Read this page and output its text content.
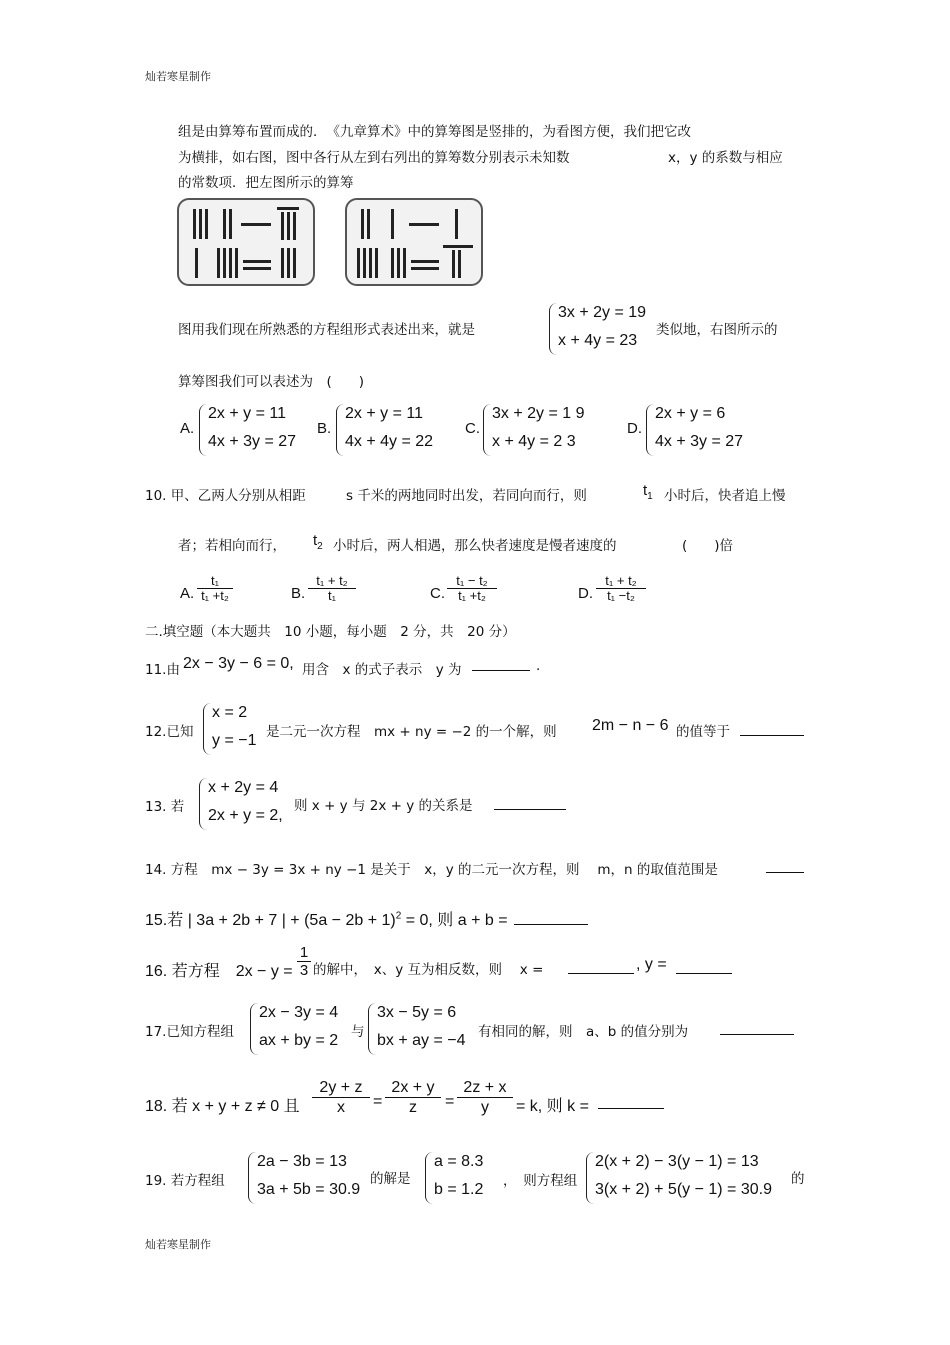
灿若寒星制作
灿若寒星制作
组是由算筹布置而成的．　《九章算术》中的算筹图是竖排的，为看图方便，我们把它改
为横排，如右图，图中各行从左到右列出的算筹数分别表示未知数	x，y 的系数与相应
的常数项．把左图所示的算筹
图用我们现在所熟悉的方程组形式表述出来，就是
3x + 2y = 19
x + 4y = 23
类似地，右图所示的
算筹图我们可以表述为　(　　)
A.
2x + y = 11
4x + 3y = 27
B.
2x + y = 11
4x + 4y = 22
C.
3x + 2y = 1 9
x + 4y = 2 3
D.
2x + y = 6
4x + 3y = 27
10. 甲、乙两人分别从相距	s 千米的两地同时出发，若同向而行，则	$t_1$ 小时后，快者追上慢
者；若相向而行， $t_2$ 小时后，两人相遇，那么快者速度是慢者速度的	(　　)倍
A.
t₁
t₁ +t₂	B.
t₁ + t₂
t₁	C.
t₁ − t₂
t₁ +t₂	D.
t₁ + t₂
t₁ −t₂
二.填空题（本大题共　10 小题，每小题　2 分，共　20 分）
11.由 2x − 3y − 6 = 0, 用含　x 的式子表示　y 为	.
12.已知
x = 2
y = −1 是二元一次方程　mx + ny = −2 的一个解，则 2m − n − 6 的值等于
13. 若
x + 2y = 4
2x + y = 2,
则 x + y 与 2x + y 的关系是
14. 方程　mx − 3y = 3x + ny −1 是关于　x，y 的二元一次方程，则　 m，n 的取值范围是
15.若 | 3a + 2b + 7 | + $(5a - 2b + 1)^2 = 0$, 则 a + b =
16. 若方程　2x − y =
1
3 的解中，　x、y 互为相反数，则　 x =	, y =
17.已知方程组
2x − 3y = 4
ax + by = 2 与
3x − 5y = 6
bx + ay = −4 有相同的解，则　a、b 的值分别为
18. 若 x + y + z ≠ 0 且
2y + z
x	=
2x + y
z	=
2z + x
y	= k, 则 k =
19. 若方程组
2a − 3b = 13
3a + 5b = 30.9
的解是
a = 8.3
b = 1.2 ，　则方程组
2(x + 2) − 3(y − 1) = 13
3(x + 2) + 5(y − 1) = 30.9
的
